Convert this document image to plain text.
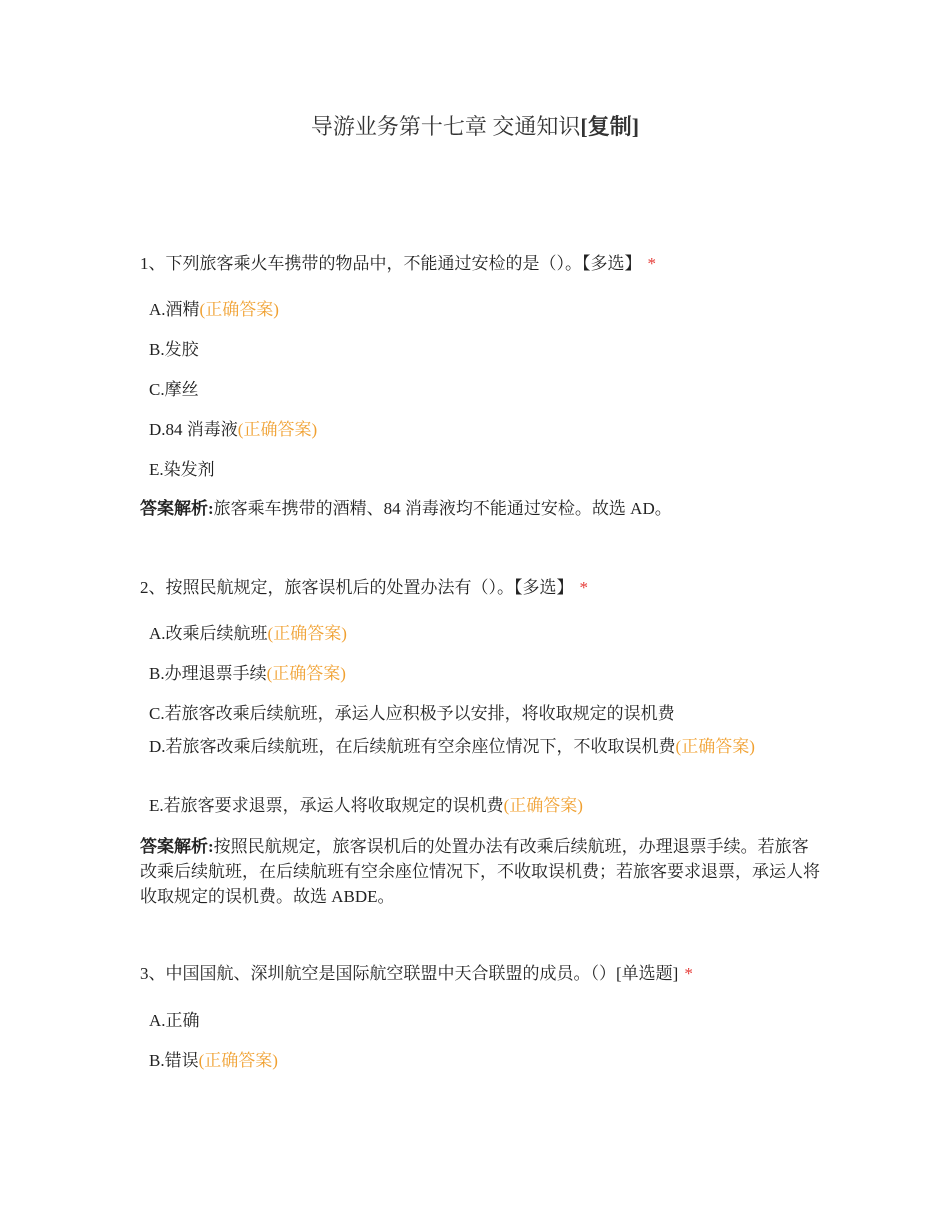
导游业务第十七章 交通知识[复制]
1、下列旅客乘火车携带的物品中，不能通过安检的是（）。【多选】 *
A.酒精(正确答案)
B.发胶
C.摩丝
D.84 消毒液(正确答案)
E.染发剂
答案解析:旅客乘车携带的酒精、84 消毒液均不能通过安检。故选 AD。
2、按照民航规定，旅客误机后的处置办法有（）。【多选】 *
A.改乘后续航班(正确答案)
B.办理退票手续(正确答案)
C.若旅客改乘后续航班，承运人应积极予以安排，将收取规定的误机费
D.若旅客改乘后续航班，在后续航班有空余座位情况下，不收取误机费(正确答案)
E.若旅客要求退票，承运人将收取规定的误机费(正确答案)
答案解析:按照民航规定，旅客误机后的处置办法有改乘后续航班，办理退票手续。若旅客改乘后续航班，在后续航班有空余座位情况下，不收取误机费；若旅客要求退票，承运人将收取规定的误机费。故选 ABDE。
3、中国国航、深圳航空是国际航空联盟中天合联盟的成员。（）[单选题] *
A.正确
B.错误(正确答案)
